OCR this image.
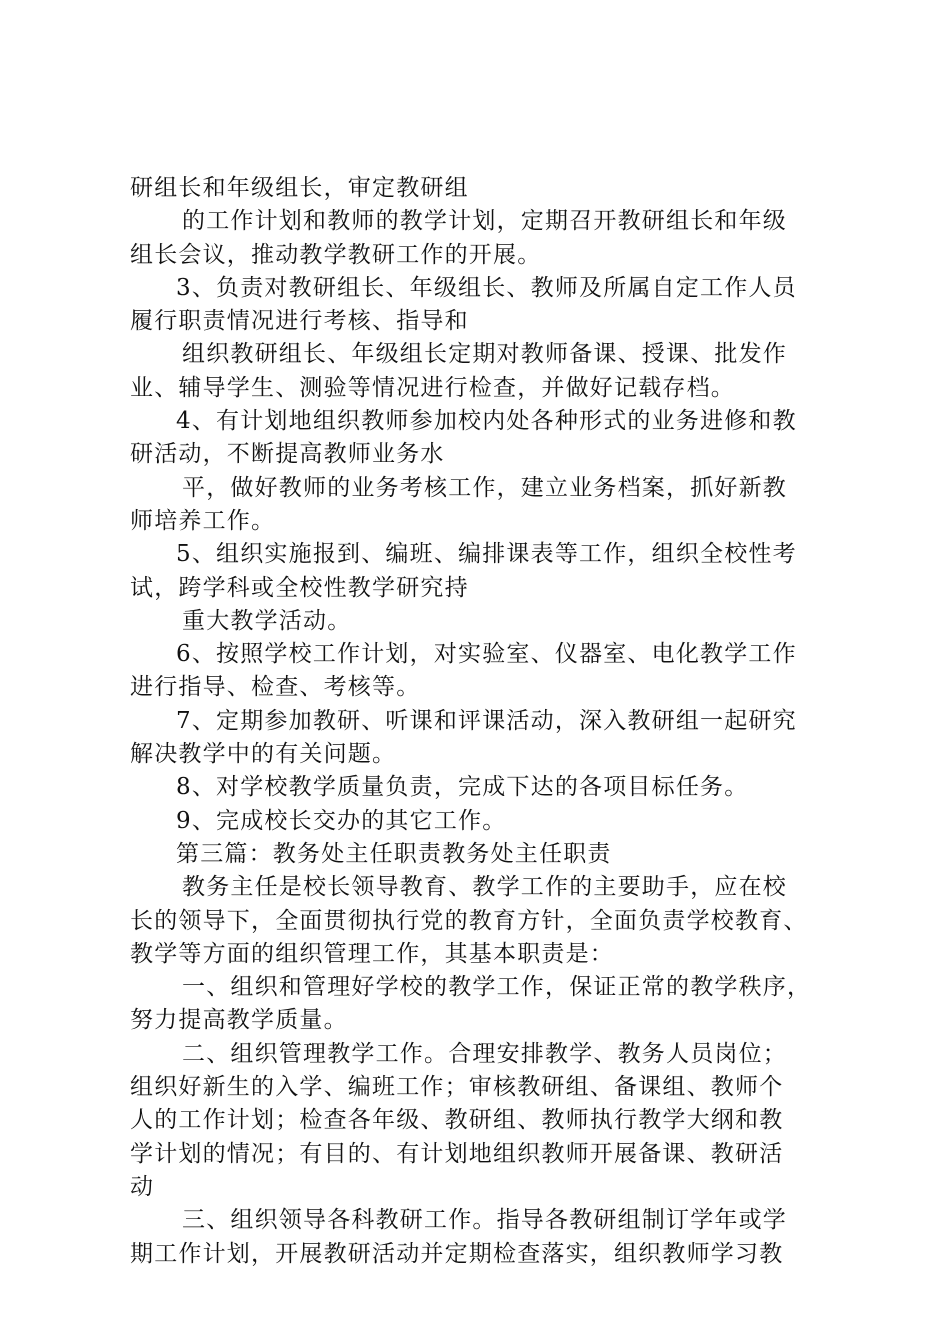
研组长和年级组长，审定教研组
的工作计划和教师的教学计划，定期召开教研组长和年级
组长会议，推动教学教研工作的开展。
3、负责对教研组长、年级组长、教师及所属自定工作人员
履行职责情况进行考核、指导和
组织教研组长、年级组长定期对教师备课、授课、批发作
业、辅导学生、测验等情况进行检查，并做好记载存档。
4、有计划地组织教师参加校内处各种形式的业务进修和教
研活动，不断提高教师业务水
平，做好教师的业务考核工作，建立业务档案，抓好新教
师培养工作。
5、组织实施报到、编班、编排课表等工作，组织全校性考
试，跨学科或全校性教学研究持
重大教学活动。
6、按照学校工作计划，对实验室、仪器室、电化教学工作
进行指导、检查、考核等。
7、定期参加教研、听课和评课活动，深入教研组一起研究
解决教学中的有关问题。
8、对学校教学质量负责，完成下达的各项目标任务。
9、完成校长交办的其它工作。
第三篇：教务处主任职责教务处主任职责
教务主任是校长领导教育、教学工作的主要助手，应在校
长的领导下，全面贯彻执行党的教育方针，全面负责学校教育、
教学等方面的组织管理工作，其基本职责是：
一、组织和管理好学校的教学工作，保证正常的教学秩序，
努力提高教学质量。
二、组织管理教学工作。合理安排教学、教务人员岗位；
组织好新生的入学、编班工作；审核教研组、备课组、教师个
人的工作计划；检查各年级、教研组、教师执行教学大纲和教
学计划的情况；有目的、有计划地组织教师开展备课、教研活
动
三、组织领导各科教研工作。指导各教研组制订学年或学
期工作计划，开展教研活动并定期检查落实，组织教师学习教
